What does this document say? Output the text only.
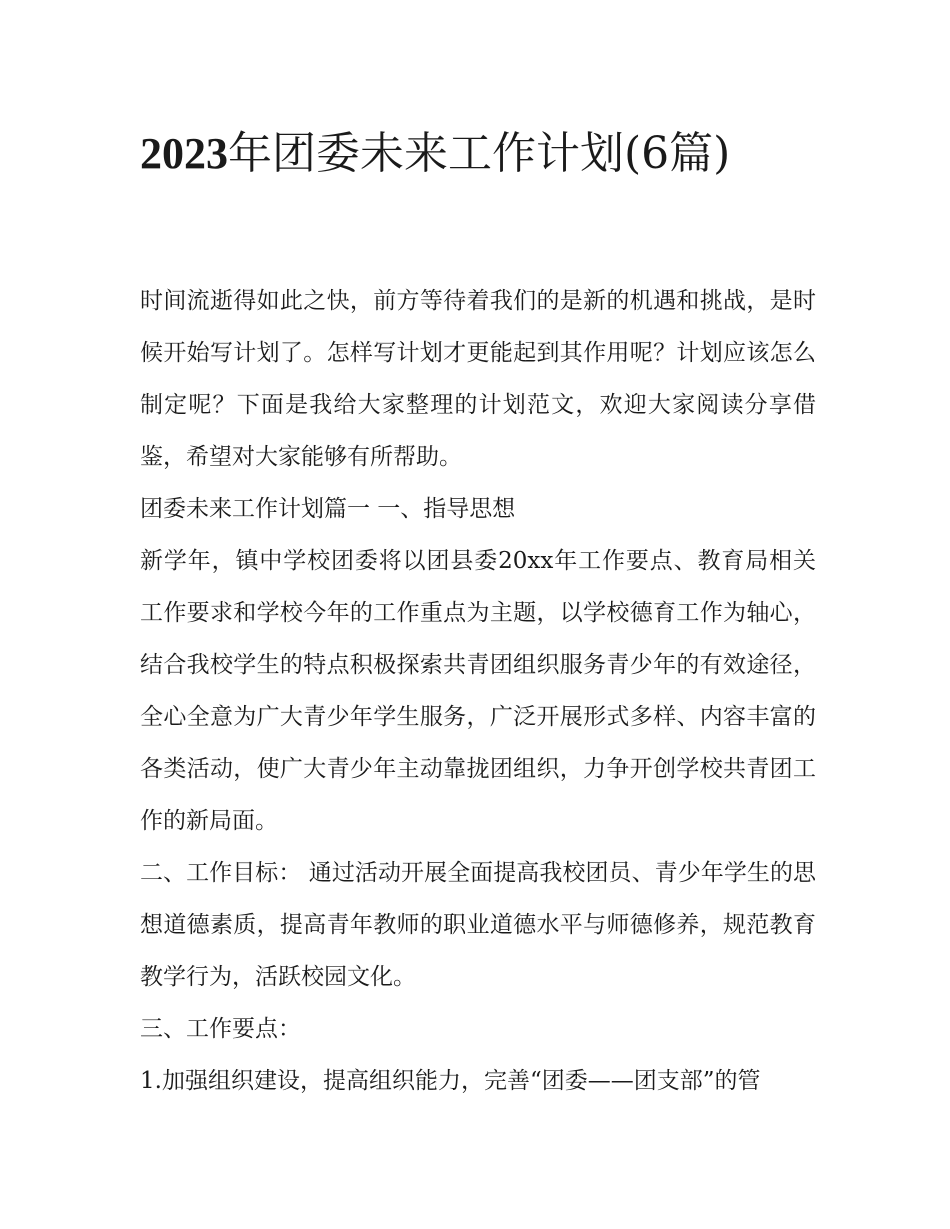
2023年团委未来工作计划(6篇)

时间流逝得如此之快，前方等待着我们的是新的机遇和挑战，是时候开始写计划了。怎样写计划才更能起到其作用呢？计划应该怎么制定呢？下面是我给大家整理的计划范文，欢迎大家阅读分享借鉴，希望对大家能够有所帮助。

团委未来工作计划篇一 一、指导思想

新学年，镇中学校团委将以团县委20xx年工作要点、教育局相关工作要求和学校今年的工作重点为主题，以学校德育工作为轴心，结合我校学生的特点积极探索共青团组织服务青少年的有效途径，全心全意为广大青少年学生服务，广泛开展形式多样、内容丰富的各类活动，使广大青少年主动靠拢团组织，力争开创学校共青团工作的新局面。

二、工作目标： 通过活动开展全面提高我校团员、青少年学生的思想道德素质，提高青年教师的职业道德水平与师德修养，规范教育教学行为，活跃校园文化。

三、工作要点：

1.加强组织建设，提高组织能力，完善“团委——团支部”的管
